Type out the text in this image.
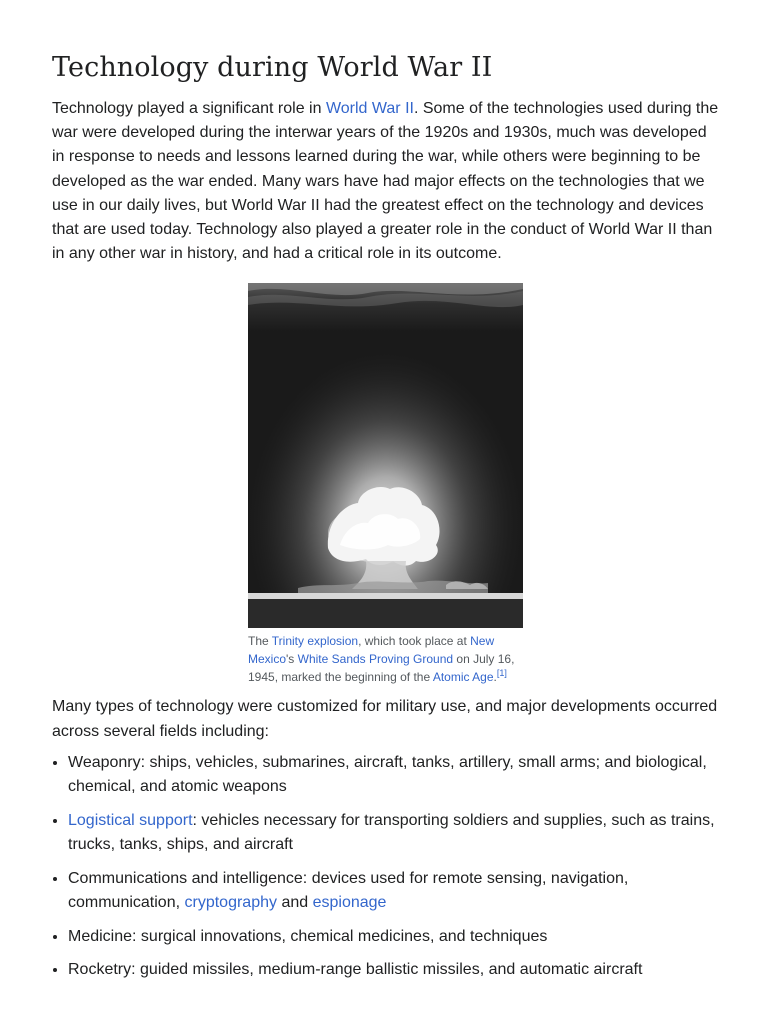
Technology during World War II

Technology played a significant role in World War II. Some of the technologies used during the war were developed during the interwar years of the 1920s and 1930s, much was developed in response to needs and lessons learned during the war, while others were beginning to be developed as the war ended. Many wars have had major effects on the technologies that we use in our daily lives, but World War II had the greatest effect on the technology and devices that are used today. Technology also played a greater role in the conduct of World War II than in any other war in history, and had a critical role in its outcome.

The Trinity explosion, which took place at New Mexico's White Sands Proving Ground on July 16, 1945, marked the beginning of the Atomic Age.[1]

Many types of technology were customized for military use, and major developments occurred across several fields including:

• Weaponry: ships, vehicles, submarines, aircraft, tanks, artillery, small arms; and biological, chemical, and atomic weapons
• Logistical support: vehicles necessary for transporting soldiers and supplies, such as trains, trucks, tanks, ships, and aircraft
• Communications and intelligence: devices used for remote sensing, navigation, communication, cryptography and espionage
• Medicine: surgical innovations, chemical medicines, and techniques
• Rocketry: guided missiles, medium-range ballistic missiles, and automatic aircraft
